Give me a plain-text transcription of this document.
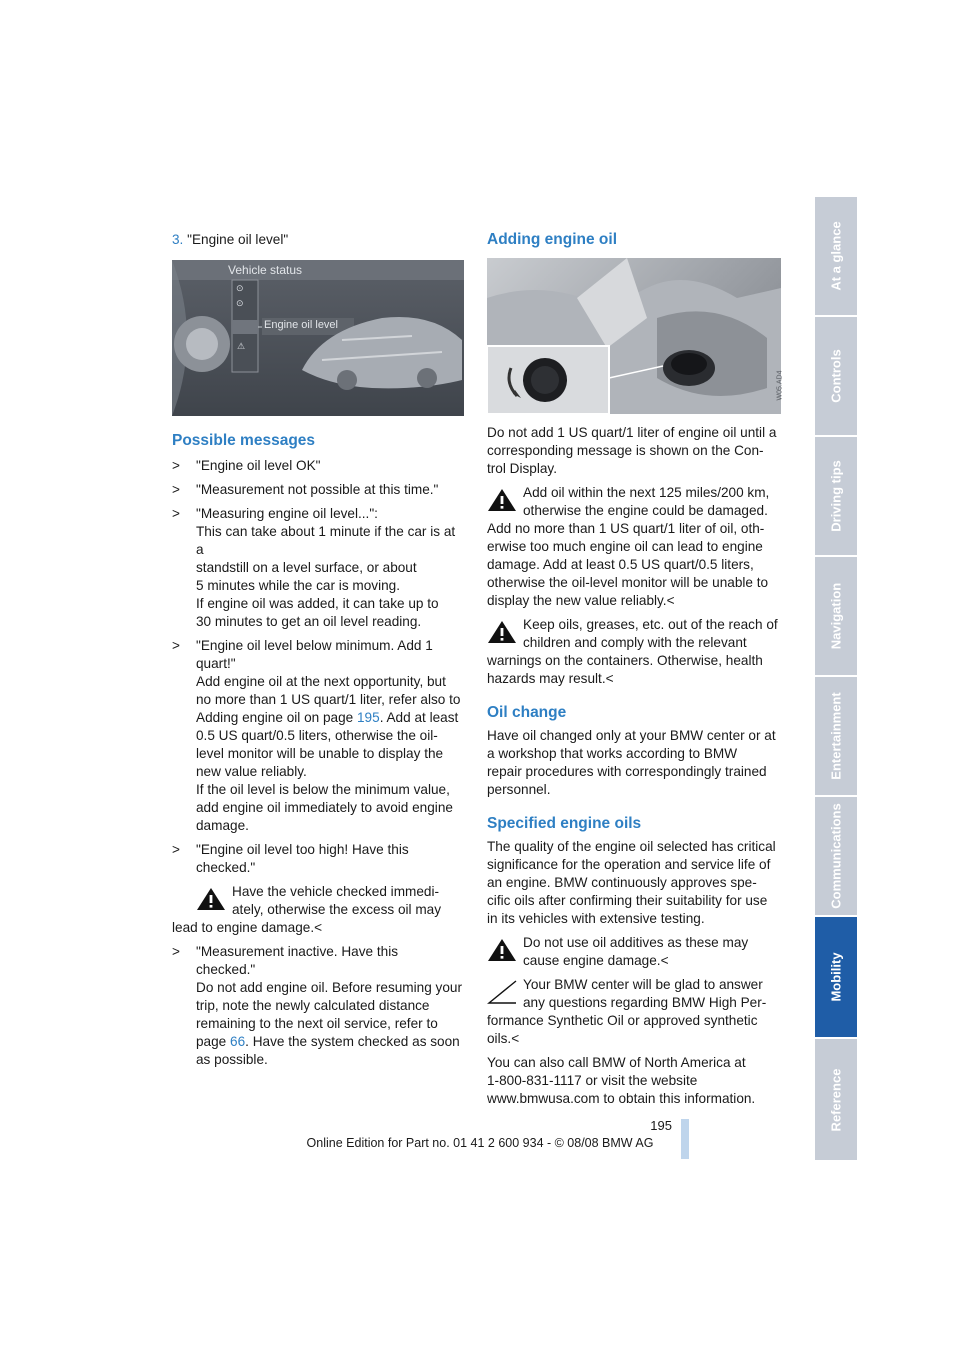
3. "Engine oil level"

⊙
⊙
⚠
Vehicle status
Engine oil level
Possible messages
> "Engine oil level OK"

> "Measurement not possible at this time."

> "Measuring engine oil level...":

This can take about 1 minute if the car is at a

standstill on a level surface, or about

5 minutes while the car is moving.

If engine oil was added, it can take up to

30 minutes to get an oil level reading.

> "Engine oil level below minimum. Add 1

quart!"

Add engine oil at the next opportunity, but

no more than 1 US quart/1 liter, refer also to

Adding engine oil on page 195. Add at least

0.5 US quart/0.5 liters, otherwise the oil-

level monitor will be unable to display the

new value reliably.

If the oil level is below the minimum value,

add engine oil immediately to avoid engine

damage.

> "Engine oil level too high! Have this

checked."

Have the vehicle checked immedi-

ately, otherwise the excess oil may

lead to engine damage.<

> "Measurement inactive. Have this

checked."

Do not add engine oil. Before resuming your

trip, note the newly calculated distance

remaining to the next oil service, refer to

page 66. Have the system checked as soon

as possible.

Adding engine oil
W05.AD4

Do not add 1 US quart/1 liter of engine oil until a

corresponding message is shown on the Con-

trol Display.

Add oil within the next 125 miles/200 km,

otherwise the engine could be damaged.

Add no more than 1 US quart/1 liter of oil, oth-

erwise too much engine oil can lead to engine

damage. Add at least 0.5 US quart/0.5 liters,

otherwise the oil-level monitor will be unable to

display the new value reliably.<

Keep oils, greases, etc. out of the reach of

children and comply with the relevant

warnings on the containers. Otherwise, health

hazards may result.<

Oil change

Have oil changed only at your BMW center or at

a workshop that works according to BMW

repair procedures with correspondingly trained

personnel.

Specified engine oils

The quality of the engine oil selected has critical

significance for the operation and service life of

an engine. BMW continuously approves spe-

cific oils after confirming their suitability for use

in its vehicles with extensive testing.

Do not use oil additives as these may

cause engine damage.<

Your BMW center will be glad to answer

any questions regarding BMW High Per-

formance Synthetic Oil or approved synthetic

oils.<

You can also call BMW of North America at

1-800-831-1117 or visit the website

www.bmwusa.com to obtain this information.

At a glance
Controls
Driving tips
Navigation
Entertainment
Communications
Mobility
Reference
195
Online Edition for Part no. 01 41 2 600 934 - © 08/08 BMW AG
